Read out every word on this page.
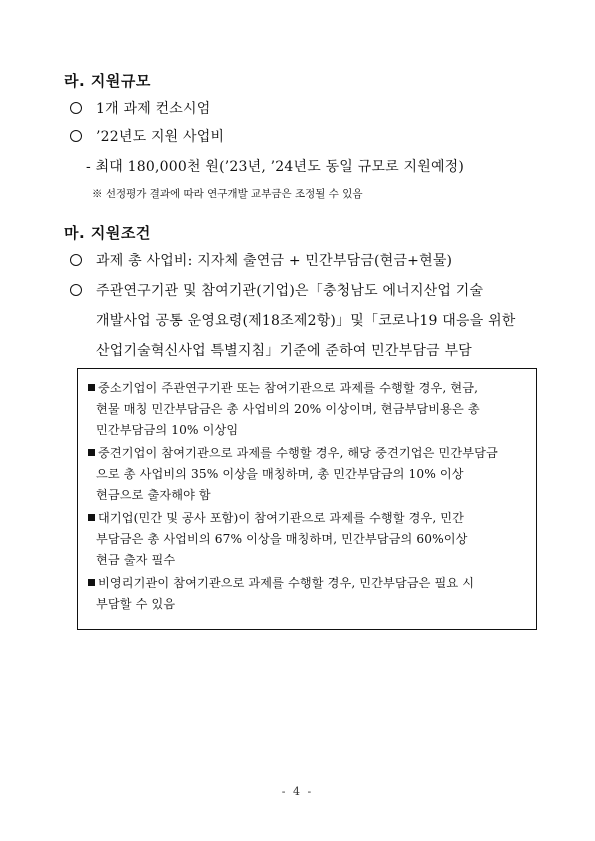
라. 지원규모
1개 과제 컨소시엄
’22년도 지원 사업비
- 최대 180,000천 원(’23년, ’24년도 동일 규모로 지원예정)
※ 선정평가 결과에 따라 연구개발 교부금은 조정될 수 있음
마. 지원조건
과제 총 사업비: 지자체 출연금 + 민간부담금(현금+현물)
주관연구기관 및 참여기관(기업)은「충청남도 에너지산업 기술
개발사업 공통 운영요령(제18조제2항)」및「코로나19 대응을 위한
산업기술혁신사업 특별지침」기준에 준하여 민간부담금 부담
중소기업이 주관연구기관 또는 참여기관으로 과제를 수행할 경우, 현금,
현물 매칭 민간부담금은 총 사업비의 20% 이상이며, 현금부담비용은 총
민간부담금의 10% 이상임
중견기업이 참여기관으로 과제를 수행할 경우, 해당 중견기업은 민간부담금
으로 총 사업비의 35% 이상을 매칭하며, 총 민간부담금의 10% 이상
현금으로 출자해야 함
대기업(민간 및 공사 포함)이 참여기관으로 과제를 수행할 경우, 민간
부담금은 총 사업비의 67% 이상을 매칭하며, 민간부담금의 60%이상
현금 출자 필수
비영리기관이 참여기관으로 과제를 수행할 경우, 민간부담금은 필요 시
부담할 수 있음
- 4 -
